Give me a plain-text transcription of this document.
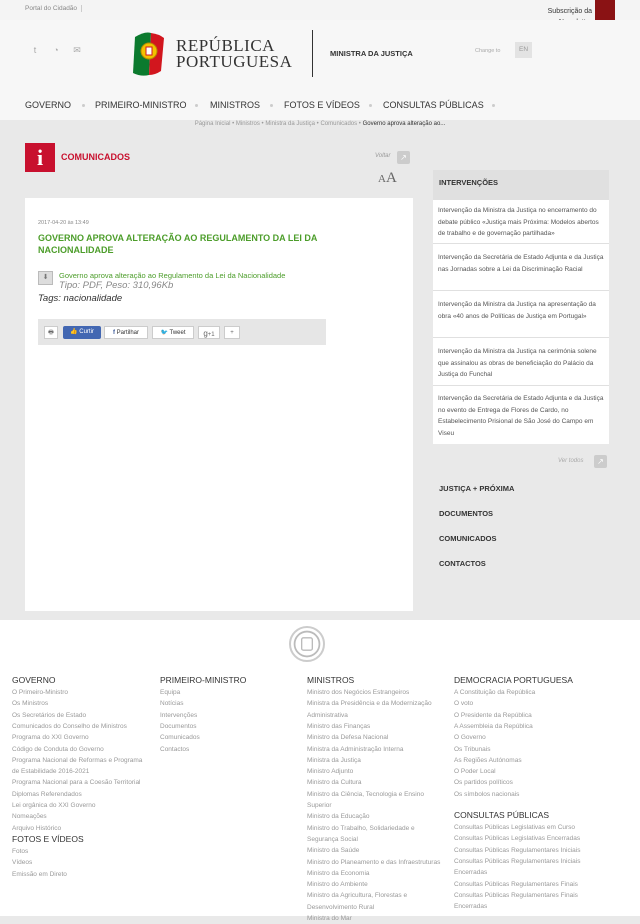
Portal do Cidadão	Subscrição da
t	◔	✉	REPÚBLICA
PORTUGUESA	MINISTRA DA JUSTIÇA	Change to	EN
GOVERNO	PRIMEIRO-MINISTRO	MINISTROS	FOTOS E VÍDEOS	CONSULTAS PÚBLICAS
Página Inicial • Ministros • Ministra da Justiça • Comunicados • Governo aprova alteração ao...
i	COMUNICADOS	Voltar	↗
AA
2017-04-20 às 13:49
GOVERNO APROVA ALTERAÇÃO AO REGULAMENTO DA LEI DA NACIONALIDADE
⬇	Governo aprova alteração ao Regulamento da Lei da Nacionalidade
Tipo: PDF, Peso: 310,96Kb
Tags: nacionalidade
🖶	👍 Curtir	f Partilhar	🐦 Tweet	g+1	+
INTERVENÇÕES
Intervenção da Ministra da Justiça no encerramento do debate público «Justiça mais Próxima: Modelos abertos de trabalho e de governação partilhada»
Intervenção da Secretária de Estado Adjunta e da Justiça nas Jornadas sobre a Lei da Discriminação Racial
Intervenção da Ministra da Justiça na apresentação da obra «40 anos de Políticas de Justiça em Portugal»
Intervenção da Ministra da Justiça na cerimónia solene que assinalou as obras de beneficiação do Palácio da Justiça do Funchal
Intervenção da Secretária de Estado Adjunta e da Justiça no evento de Entrega de Flores de Cardo, no Estabelecimento Prisional de São José do Campo em Viseu
Ver todos	↗
JUSTIÇA + PRÓXIMA
DOCUMENTOS
COMUNICADOS
CONTACTOS
GOVERNO
O Primeiro-Ministro
Os Ministros
Os Secretários de Estado
Comunicados do Conselho de Ministros
Programa do XXI Governo
Código de Conduta do Governo
Programa Nacional de Reformas e Programa
de Estabilidade 2016-2021
Programa Nacional para a Coesão Territorial
Diplomas Referendados
Lei orgânica do XXI Governo
Nomeações
Arquivo Histórico
FOTOS E VÍDEOS
Fotos
Vídeos
Emissão em Direto
PRIMEIRO-MINISTRO
Equipa
Notícias
Intervenções
Documentos
Comunicados
Contactos
MINISTROS
Ministro dos Negócios Estrangeiros
Ministra da Presidência e da Modernização
Administrativa
Ministro das Finanças
Ministro da Defesa Nacional
Ministra da Administração Interna
Ministra da Justiça
Ministro Adjunto
Ministro da Cultura
Ministro da Ciência, Tecnologia e Ensino
Superior
Ministro da Educação
Ministro do Trabalho, Solidariedade e
Segurança Social
Ministro da Saúde
Ministro do Planeamento e das Infraestruturas
Ministro da Economia
Ministro do Ambiente
Ministro da Agricultura, Florestas e
Desenvolvimento Rural
Ministra do Mar
DEMOCRACIA PORTUGUESA
A Constituição da República
O voto
O Presidente da República
A Assembleia da República
O Governo
Os Tribunais
As Regiões Autónomas
O Poder Local
Os partidos políticos
Os símbolos nacionais
CONSULTAS PÚBLICAS
Consultas Públicas Legislativas em Curso
Consultas Públicas Legislativas Encerradas
Consultas Públicas Regulamentares Iniciais
Consultas Públicas Regulamentares Iniciais
Encerradas
Consultas Públicas Regulamentares Finais
Consultas Públicas Regulamentares Finais
Encerradas
